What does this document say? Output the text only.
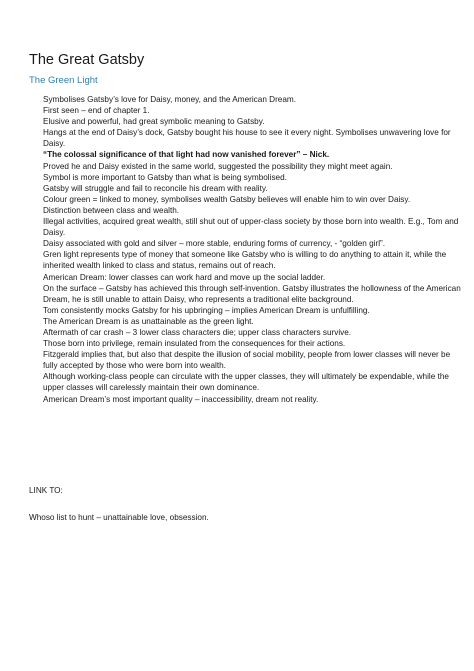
The Great Gatsby
The Green Light
Symbolises Gatsby’s love for Daisy, money, and the American Dream.
First seen – end of chapter 1.
Elusive and powerful, had great symbolic meaning to Gatsby.
Hangs at the end of Daisy’s dock, Gatsby bought his house to see it every night. Symbolises unwavering love for Daisy.
“The colossal significance of that light had now vanished forever” – Nick.
Proved he and Daisy existed in the same world, suggested the possibility they might meet again.
Symbol is more important to Gatsby than what is being symbolised.
Gatsby will struggle and fail to reconcile his dream with reality.
Colour green = linked to money, symbolises wealth Gatsby believes will enable him to win over Daisy.
Distinction between class and wealth.
Illegal activities, acquired great wealth, still shut out of upper-class society by those born into wealth. E.g., Tom and Daisy.
Daisy associated with gold and silver – more stable, enduring forms of currency, - “golden girl”.
Gren light represents type of money that someone like Gatsby who is willing to do anything to attain it, while the inherited wealth linked to class and status, remains out of reach.
American Dream: lower classes can work hard and move up the social ladder.
On the surface – Gatsby has achieved this through self-invention. Gatsby illustrates the hollowness of the American Dream, he is still unable to attain Daisy, who represents a traditional elite background.
Tom consistently mocks Gatsby for his upbringing – implies American Dream is unfulfilling.
The American Dream is as unattainable as the green light.
Aftermath of car crash – 3 lower class characters die; upper class characters survive.
Those born into privilege, remain insulated from the consequences for their actions.
Fitzgerald implies that, but also that despite the illusion of social mobility, people from lower classes will never be fully accepted by those who were born into wealth.
Although working-class people can circulate with the upper classes, they will ultimately be expendable, while the upper classes will carelessly maintain their own dominance.
American Dream’s most important quality – inaccessibility, dream not reality.
LINK TO:
Whoso list to hunt – unattainable love, obsession.
